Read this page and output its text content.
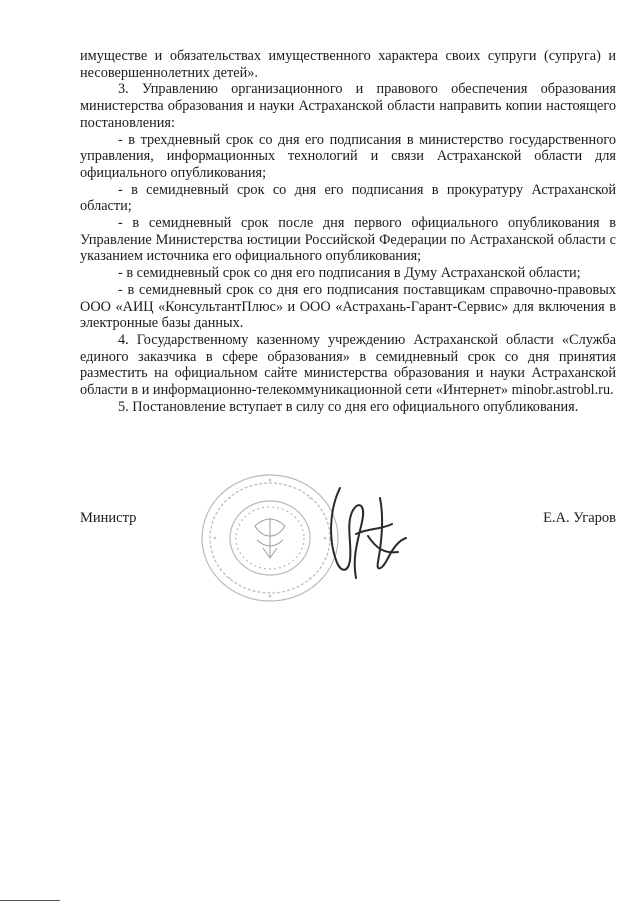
имуществе и обязательствах имущественного характера своих супруги (супруга) и несовершеннолетних детей».

3. Управлению организационного и правового обеспечения образования министерства образования и науки Астраханской области направить копии настоящего постановления:

- в трехдневный срок со дня его подписания в министерство государственного управления, информационных технологий и связи Астраханской области для официального опубликования;

- в семидневный срок со дня его подписания в прокуратуру Астраханской области;

- в семидневный срок после дня первого официального опубликования в Управление Министерства юстиции Российской Федерации по Астраханской области с указанием источника его официального опубликования;

- в семидневный срок со дня его подписания в Думу Астраханской области;

- в семидневный срок со дня его подписания поставщикам справочно-правовых ООО «АИЦ «КонсультантПлюс» и ООО «Астрахань-Гарант-Сервис» для включения в электронные базы данных.

4. Государственному казенному учреждению Астраханской области «Служба единого заказчика в сфере образования» в семидневный срок со дня принятия разместить на официальном сайте министерства образования и науки Астраханской области в и информационно-телекоммуникационной сети «Интернет» minobr.astrobl.ru.

5. Постановление вступает в силу со дня его официального опубликования.

Министр	Е.А. Угаров
